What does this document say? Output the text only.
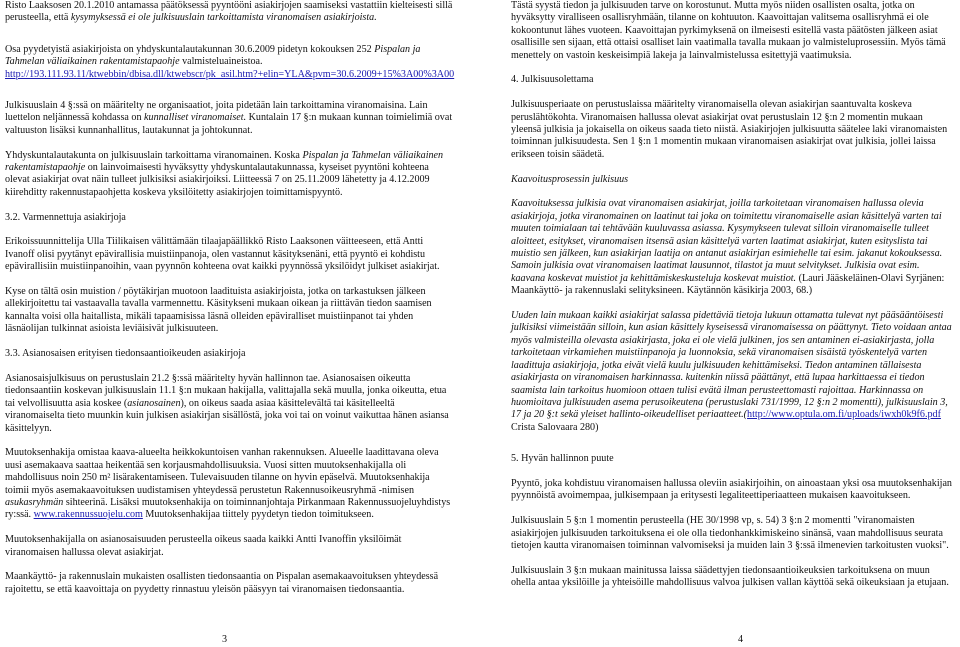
Risto Laaksosen 20.1.2010 antamassa päätöksessä pyyntööni asiakirjojen saamiseksi vastattiin kielteisesti sillä perusteella, että kysymyksessä ei ole julkisuuslain tarkoittamista viranomaisen asiakirjoista.

Osa pyydetyistä asiakirjoista on yhdyskuntalautakunnan 30.6.2009 pidetyn kokouksen 252 Pispalan ja Tahmelan väliaikainen rakentamistapaohje valmisteluaineistoa.
http://193.111.93.11/ktwebbin/dbisa.dll/ktwebscr/pk_asil.htm?+elin=YLA&pvm=30.6.2009+15%3A00%3A00

Julkisuuslain 4 §:ssä on määritelty ne organisaatiot, joita pidetään lain tarkoittamina viranomaisina. Lain luettelon neljännessä kohdassa on kunnalliset viranomaiset. Kuntalain 17 §:n mukaan kunnan toimielimiä ovat valtuuston lisäksi kunnanhallitus, lautakunnat ja johtokunnat.

Yhdyskuntalautakunta on julkisuuslain tarkoittama viranomainen. Koska Pispalan ja Tahmelan väliaikainen rakentamistapaohje on lainvoimaisesti hyväksytty yhdyskuntalautakunnassa, kyseiset pyyntöni kohteena olevat asiakirjat ovat näin tulleet julkisiksi asiakirjoiksi. Liitteessä 7 on 25.11.2009 lähetetty ja 4.12.2009 kiirehditty rakennustapaohjetta koskeva yksilöitetty asiakirjojen toimittamispyyntö.

3.2. Varmennettuja asiakirjoja

Erikoissuunnittelija Ulla Tiilikaisen välittämään tilaajapäällikkö Risto Laaksonen väitteeseen, että Antti Ivanoff olisi pyytänyt epävirallisia muistiinpanoja, olen vastannut käsityksenäni, että pyyntö ei kohdistu epävirallisiin muistiinpanoihin, vaan pyynnön kohteena ovat kaikki pyynnössä yksilöidyt julkiset asiakirjat.

Kyse on tältä osin muistion / pöytäkirjan muotoon laadituista asiakirjoista, jotka on tarkastuksen jälkeen allekirjoitettu tai vastaavalla tavalla varmennettu. Käsitykseni mukaan oikean ja riittävän tiedon saamisen kannalta voisi olla haitallista, mikäli tapaamisissa läsnä olleiden epäviralliset muistiinpanot tai yhden läsnäolijan tulkinnat asioista leviäisivät julkisuuteen.

3.3. Asianosaisen erityisen tiedonsaantioikeuden asiakirjoja

Asianosaisjulkisuus on perustuslain 21.2 §:ssä määritelty hyvän hallinnon tae. Asianosaisen oikeutta tiedonsaantiin koskevan julkisuuslain 11.1 §:n mukaan hakijalla, valittajalla sekä muulla, jonka oikeutta, etua tai velvollisuutta asia koskee (asianosainen), on oikeus saada asiaa käsittelevältä tai käsitelleeltä viranomaiselta tieto muunkin kuin julkisen asiakirjan sisällöstä, joka voi tai on voinut vaikuttaa hänen asiansa käsittelyyn.

Muutoksenhakija omistaa kaava-alueelta heikkokuntoisen vanhan rakennuksen. Alueelle laadittavana oleva uusi asemakaava saattaa heikentää sen korjausmahdollisuuksia. Vuosi sitten muutoksenhakijalla oli mahdollisuus noin 250 m² lisärakentamiseen. Tulevaisuuden tilanne on hyvin epäselvä. Muutoksenhakija toimii myös asemakaavoituksen uudistamisen yhteydessä perustetun Rakennusoikeusryhmä -nimisen asukasryhmän sihteerinä. Lisäksi muutoksenhakija on toiminnanjohtaja Pirkanmaan Rakennussuojeluyhdistys ry:ssä. www.rakennussuojelu.com Muutoksenhakijaa tiittely pyydetyn tiedon toimitukseen.

Muutoksenhakijalla on asianosaisuuden perusteella oikeus saada kaikki Antti Ivanoffin yksilöimät viranomaisen hallussa olevat asiakirjat.

Maankäyttö- ja rakennuslain mukaisten osallisten tiedonsaantia on Pispalan asemakaavoituksen yhteydessä rajoitettu, se että kaavoittaja on pyydetty rinnastuu yleisön pääsyyn tai viranomaisen tiedonsaantia.

Tästä syystä tiedon ja julkisuuden tarve on korostunut. Mutta myös niiden osallisten osalta, jotka on hyväksytty viralliseen osallisryhmään, tilanne on kohtuuton. Kaavoittajan valitsema osallisryhmä ei ole kokoontunut lähes vuoteen. Kaavoittajan pyrkimyksenä on ilmeisesti esitellä vasta päätösten jälkeen asiat osallisille sen sijaan, että ottaisi osalliset lain vaatimalla tavalla mukaan jo valmisteluprosessiin. Myös tämä menettely on vastoin keskeisimpiä lakeja ja lainvalmistelussa esitettyjä vaatimuksia.

4. Julkisuusolettama

Julkisuusperiaate on perustuslaissa määritelty viranomaisella olevan asiakirjan saantuvalta koskeva peruslähtökohta. Viranomaisen hallussa olevat asiakirjat ovat perustuslain 12 §:n 2 momentin mukaan yleensä julkisia ja jokaisella on oikeus saada tieto niistä. Asiakirjojen julkisuutta säätelee laki viranomaisten toiminnan julkisuudesta. Sen 1 §:n 1 momentin mukaan viranomaisen asiakirjat ovat julkisia, jollei laissa erikseen toisin säädetä.

Kaavoitusprosessin julkisuus

Kaavoituksessa julkisia ovat viranomaisen asiakirjat, joilla tarkoitetaan viranomaisen hallussa olevia asiakirjoja, jotka viranomainen on laatinut tai joka on toimitettu viranomaiselle asian käsittelyä varten tai muuten toimialaan tai tehtävään kuuluvassa asiassa. Kysymykseen tulevat silloin viranomaiselle tulleet aloitteet, esitykset, viranomaisen itsensä asian käsittelyä varten laatimat asiakirjat, kuten esityslista tai muistio sen jälkeen, kun asiakirjan laatija on antanut asiakirjan esimiehelle tai esim. jakanut kokouksessa. Samoin julkisia ovat viranomaisen laatimat lausunnot, tilastot ja muut selvitykset. Julkisia ovat esim. kaavana koskevat muistiot ja kehittämiskeskusteluja koskevat muistiot. (Lauri Jääskeläinen-Olavi Syrjänen: Maankäyttö- ja rakennuslaki selityksineen. Käytännön käsikirja 2003, 68.)

Uuden lain mukaan kaikki asiakirjat salassa pidettäviä tietoja lukuun ottamatta tulevat nyt pääsääntöisesti julkisiksi viimeistään silloin, kun asian käsittely kyseisessä viranomaisessa on päättynyt. Tieto voidaan antaa myös valmisteilla olevasta asiakirjasta, joka ei ole vielä julkinen, jos sen antaminen ei-asiakirjasta, jolla tarkoitetaan virkamiehen muistiinpanoja ja luonnoksia, sekä viranomaisen sisäistä työskentelyä varten laadittuja asiakirjoja, jotka eivät vielä kuulu julkisuuden kehittämiseksi. Tiedon antaminen tällaisesta asiakirjasta on viranomaisen harkinnassa. kuitenkin niissä päättänyt, että lupaa harkittaessa ei tiedon saamista lain tarkoitus huomioon ottaen tulisi evätä ilman perusteettomasti rajoittaa. Harkinnassa on huomioitava julkisuuden asema perusoikeutena (perustuslaki 731/1999, 12 §:n 2 momentti), julkisuuslain 3, 17 ja 20 §:t sekä yleiset hallinto-oikeudelliset periaatteet.(http://www.optula.om.fi/uploads/iwxh0k9f6.pdf Crista Salovaara 280)

5. Hyvän hallinnon puute

Pyyntö, joka kohdistuu viranomaisen hallussa oleviin asiakirjoihin, on ainoastaan yksi osa muutoksenhakijan pyynnöistä avoimempaa, julkisempaan ja eritysesti legaliteettiperiaatteen mukaisen kaavoitukseen.

Julkisuuslain 5 §:n 1 momentin perusteella (HE 30/1998 vp, s. 54) 3 §:n 2 momentti "viranomaisten asiakirjojen julkisuuden tarkoituksena ei ole olla tiedonhankkimiskeino sinänsä, vaan mahdollisuus seurata tietojen kautta viranomaisen toiminnan valvomiseksi ja muiden lain 3 §:ssä ilmenevien tarkoitusten vuoksi".

Julkisuuslain 3 §:n mukaan mainitussa laissa säädettyjen tiedonsaantioikeuksien tarkoituksena on muun ohella antaa yksilöille ja yhteisöille mahdollisuus valvoa julkisen vallan käyttöä sekä oikeuksiaan ja etujaan.

3	4
